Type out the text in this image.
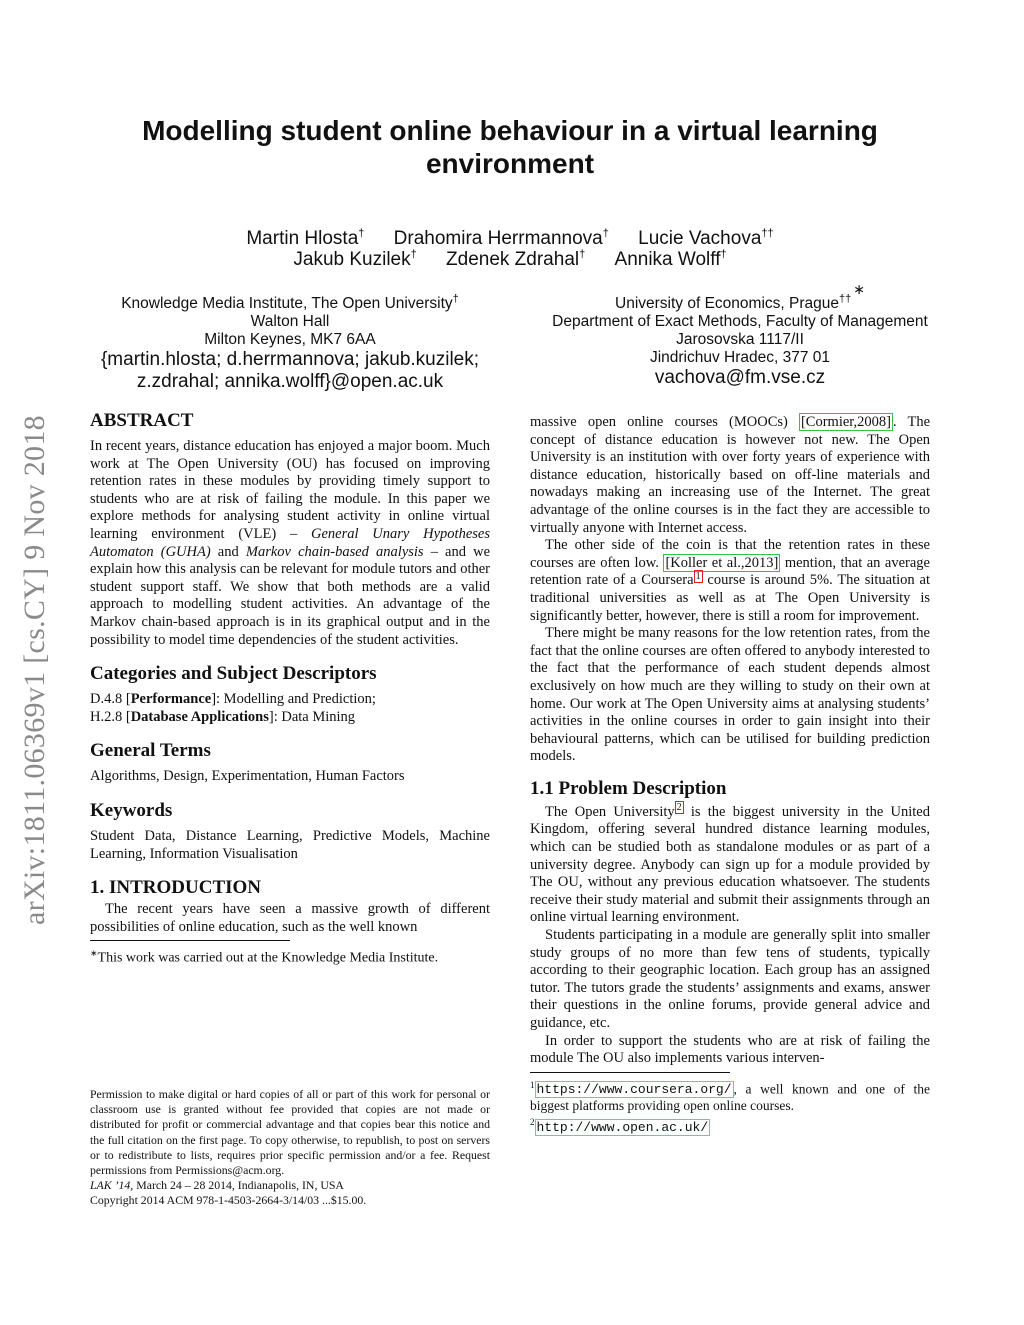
arXiv:1811.06369v1 [cs.CY] 9 Nov 2018
Modelling student online behaviour in a virtual learning environment
Martin Hlosta† Drahomira Herrmannova† Lucie Vachova††
Jakub Kuzilek† Zdenek Zdrahal† Annika Wolff†
Knowledge Media Institute, The Open University†
Walton Hall
Milton Keynes, MK7 6AA
{martin.hlosta; d.herrmannova; jakub.kuzilek;
z.zdrahal; annika.wolff}@open.ac.uk
University of Economics, Prague††∗
Department of Exact Methods, Faculty of Management
Jarosovska 1117/II
Jindrichuv Hradec, 377 01
vachova@fm.vse.cz
ABSTRACT

In recent years, distance education has enjoyed a major boom. Much work at The Open University (OU) has focused on improving retention rates in these modules by providing timely support to students who are at risk of failing the module. In this paper we explore methods for analysing student activity in online virtual learning environment (VLE) – General Unary Hypotheses Automaton (GUHA) and Markov chain-based analysis – and we explain how this analysis can be relevant for module tutors and other student support staff. We show that both methods are a valid approach to modelling student activities. An advantage of the Markov chain-based approach is in its graphical output and in the possibility to model time dependencies of the student activities.

Categories and Subject Descriptors

D.4.8 [Performance]: Modelling and Prediction;

H.2.8 [Database Applications]: Data Mining

General Terms

Algorithms, Design, Experimentation, Human Factors

Keywords

Student Data, Distance Learning, Predictive Models, Machine Learning, Information Visualisation

1. INTRODUCTION

The recent years have seen a massive growth of different possibilities of online education, such as the well known

∗This work was carried out at the Knowledge Media Institute.

Permission to make digital or hard copies of all or part of this work for personal or classroom use is granted without fee provided that copies are not made or distributed for profit or commercial advantage and that copies bear this notice and the full citation on the first page. To copy otherwise, to republish, to post on servers or to redistribute to lists, requires prior specific permission and/or a fee. Request permissions from Permissions@acm.org.

LAK ’14, March 24 – 28 2014, Indianapolis, IN, USA

Copyright 2014 ACM 978-1-4503-2664-3/14/03 ...$15.00.

massive open online courses (MOOCs) [Cormier,2008] . The concept of distance education is however not new. The Open University is an institution with over forty years of experience with distance education, historically based on off-line materials and nowadays making an increasing use of the Internet. The great advantage of the online courses is in the fact they are accessible to virtually anyone with Internet access.

The other side of the coin is that the retention rates in these courses are often low. [Koller et al.,2013] mention, that an average retention rate of a Coursera $^1$ course is around 5%. The situation at traditional universities as well as at The Open University is significantly better, however, there is still a room for improvement.

There might be many reasons for the low retention rates, from the fact that the online courses are often offered to anybody interested to the fact that the performance of each student depends almost exclusively on how much are they willing to study on their own at home. Our work at The Open University aims at analysing students’ activities in the online courses in order to gain insight into their behavioural patterns, which can be utilised for building prediction models.

1.1 Problem Description

The Open University $^2$ is the biggest university in the United Kingdom, offering several hundred distance learning modules, which can be studied both as standalone modules or as part of a university degree. Anybody can sign up for a module provided by The OU, without any previous education whatsoever. The students receive their study material and submit their assignments through an online virtual learning environment.

Students participating in a module are generally split into smaller study groups of no more than few tens of students, typically according to their geographic location. Each group has an assigned tutor. The tutors grade the students’ assignments and exams, answer their questions in the online forums, provide general advice and guidance, etc.

In order to support the students who are at risk of failing the module The OU also implements various interven-

$^1$ https://www.coursera.org/ , a well known and one of the biggest platforms providing open online courses.

$^2$ http://www.open.ac.uk/
